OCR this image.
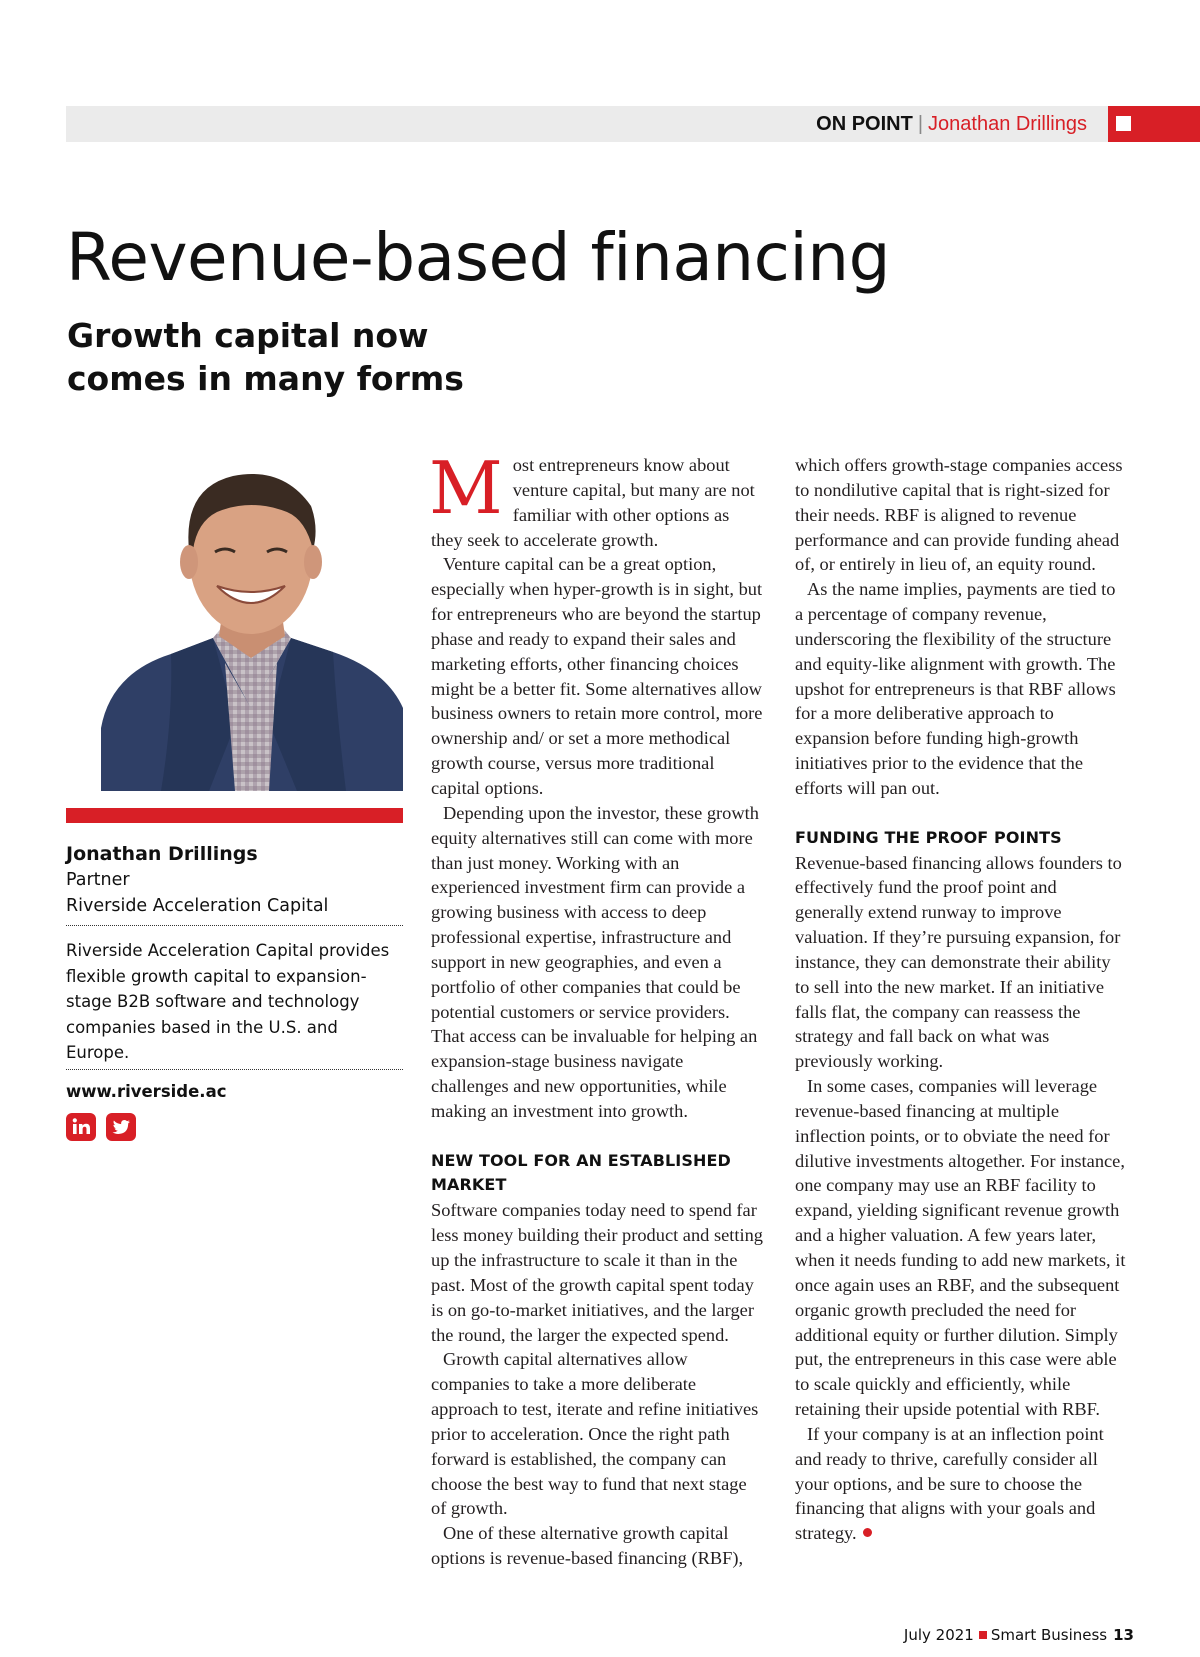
ON POINT | Jonathan Drillings
Revenue-based financing
Growth capital now comes in many forms
Jonathan Drillings
Partner
Riverside Acceleration Capital
Riverside Acceleration Capital provides flexible growth capital to expansion-stage B2B software and technology companies based in the U.S. and Europe.
www.riverside.ac

Most entrepreneurs know about venture capital, but many are not familiar with other options as they seek to accelerate growth.

Venture capital can be a great option, especially when hyper-growth is in sight, but for entrepreneurs who are beyond the startup phase and ready to expand their sales and marketing efforts, other financing choices might be a better fit. Some alternatives allow business owners to retain more control, more ownership and/ or set a more methodical growth course, versus more traditional capital options.

Depending upon the investor, these growth equity alternatives still can come with more than just money. Working with an experienced investment firm can provide a growing business with access to deep professional expertise, infrastructure and support in new geographies, and even a portfolio of other companies that could be potential customers or service providers. That access can be invaluable for helping an expansion-stage business navigate challenges and new opportunities, while making an investment into growth.

NEW TOOL FOR AN ESTABLISHED MARKET

Software companies today need to spend far less money building their product and setting up the infrastructure to scale it than in the past. Most of the growth capital spent today is on go-to-market initiatives, and the larger the round, the larger the expected spend.

Growth capital alternatives allow companies to take a more deliberate approach to test, iterate and refine initiatives prior to acceleration. Once the right path forward is established, the company can choose the best way to fund that next stage of growth.

One of these alternative growth capital options is revenue-based financing (RBF),

which offers growth-stage companies access to nondilutive capital that is right-sized for their needs. RBF is aligned to revenue performance and can provide funding ahead of, or entirely in lieu of, an equity round.

As the name implies, payments are tied to a percentage of company revenue, underscoring the flexibility of the structure and equity-like alignment with growth. The upshot for entrepreneurs is that RBF allows for a more deliberative approach to expansion before funding high-growth initiatives prior to the evidence that the efforts will pan out.

FUNDING THE PROOF POINTS

Revenue-based financing allows founders to effectively fund the proof point and generally extend runway to improve valuation. If they’re pursuing expansion, for instance, they can demonstrate their ability to sell into the new market. If an initiative falls flat, the company can reassess the strategy and fall back on what was previously working.

In some cases, companies will leverage revenue-based financing at multiple inflection points, or to obviate the need for dilutive investments altogether. For instance, one company may use an RBF facility to expand, yielding significant revenue growth and a higher valuation. A few years later, when it needs funding to add new markets, it once again uses an RBF, and the subsequent organic growth precluded the need for additional equity or further dilution. Simply put, the entrepreneurs in this case were able to scale quickly and efficiently, while retaining their upside potential with RBF.

If your company is at an inflection point and ready to thrive, carefully consider all your options, and be sure to choose the financing that aligns with your goals and strategy.

July 2021 Smart Business 13
